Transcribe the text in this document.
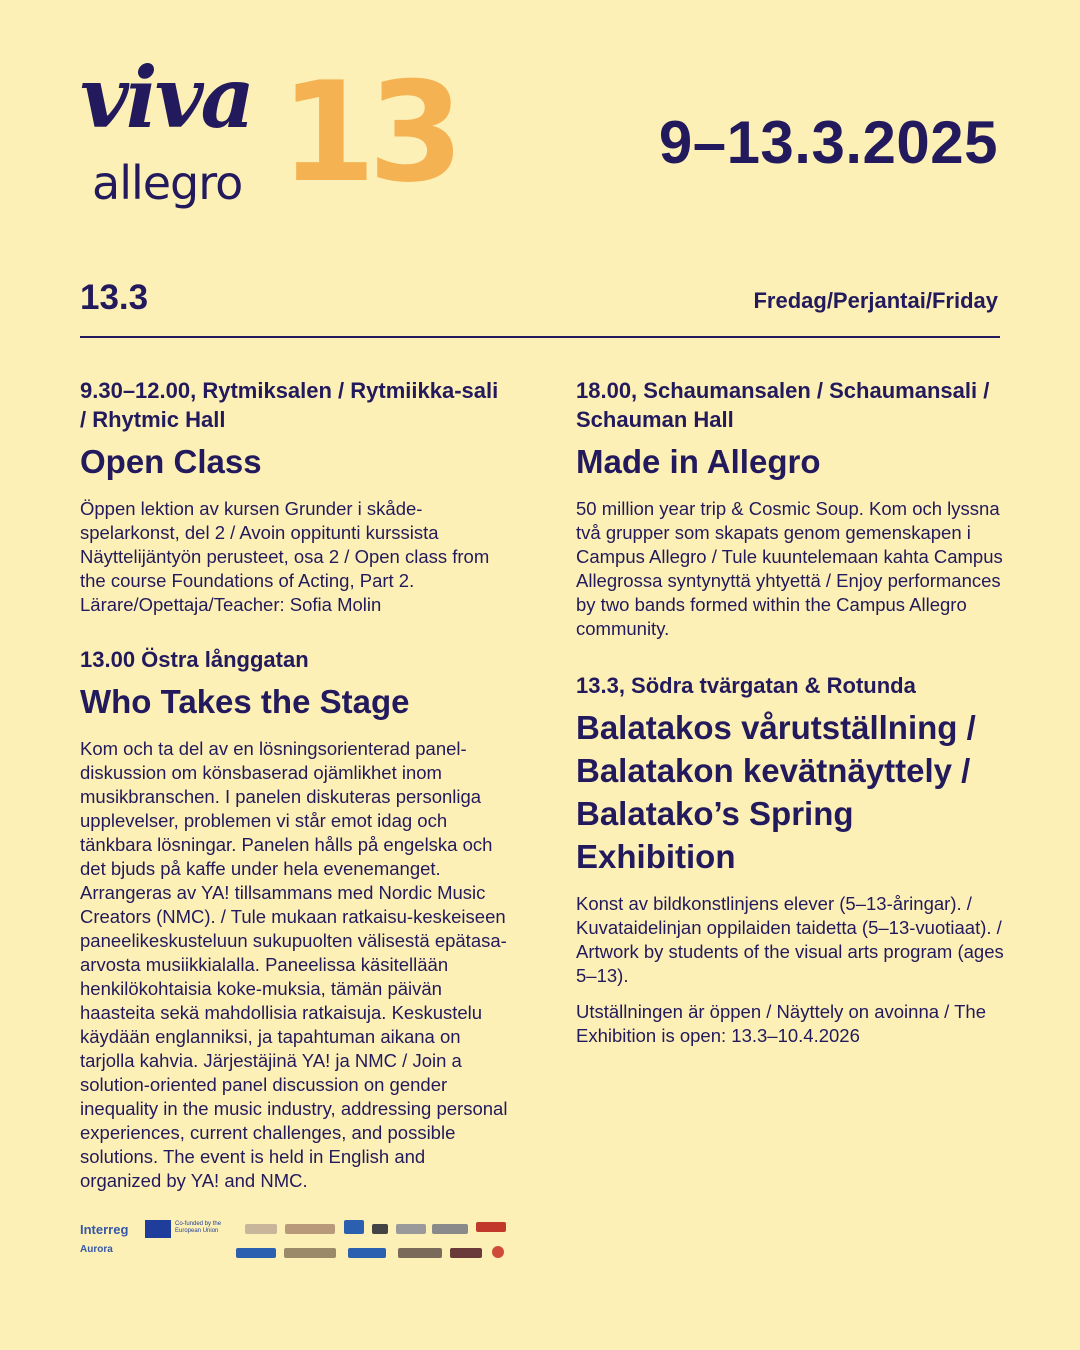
viva
allegro 13	9–13.3.2025
13.3	Fredag/Perjantai/Friday

9.30–12.00, Rytmiksalen / Rytmiikka-sali / Rhytmic Hall

Open Class

Öppen lektion av kursen Grunder i skåde-spelarkonst, del 2 / Avoin oppitunti kurssista Näyttelijäntyön perusteet, osa 2 / Open class from the course Foundations of Acting, Part 2. Lärare/Opettaja/Teacher: Sofia Molin

13.00 Östra långgatan

Who Takes the Stage

Kom och ta del av en lösningsorienterad panel-diskussion om könsbaserad ojämlikhet inom musikbranschen. I panelen diskuteras personliga upplevelser, problemen vi står emot idag och tänkbara lösningar. Panelen hålls på engelska och det bjuds på kaffe under hela evenemanget. Arrangeras av YA! tillsammans med Nordic Music Creators (NMC). / Tule mukaan ratkaisu-keskeiseen paneelikeskusteluun sukupuolten välisestä epätasa-arvosta musiikkialalla. Paneelissa käsitellään henkilökohtaisia koke-muksia, tämän päivän haasteita sekä mahdollisia ratkaisuja. Keskustelu käydään englanniksi, ja tapahtuman aikana on tarjolla kahvia. Järjestäjinä YA! ja NMC / Join a solution-oriented panel discussion on gender inequality in the music industry, addressing personal experiences, current challenges, and possible solutions. The event is held in English and organized by YA! and NMC.

18.00, Schaumansalen / Schaumansali / Schauman Hall

Made in Allegro

50 million year trip & Cosmic Soup. Kom och lyssna två grupper som skapats genom gemenskapen i Campus Allegro / Tule kuuntelemaan kahta Campus Allegrossa syntynyttä yhtyettä / Enjoy performances by two bands formed within the Campus Allegro community.

13.3, Södra tvärgatan & Rotunda

Balatakos vårutställning / Balatakon kevätnäyttely / Balatako’s Spring Exhibition

Konst av bildkonstlinjens elever (5–13-åringar). / Kuvataidelinjan oppilaiden taidetta (5–13-vuotiaat). / Artwork by students of the visual arts program (ages 5–13).

Utställningen är öppen / Näyttely on avoinna / The Exhibition is open: 13.3–10.4.2026

Interreg
Aurora
Co-funded by the European Union
